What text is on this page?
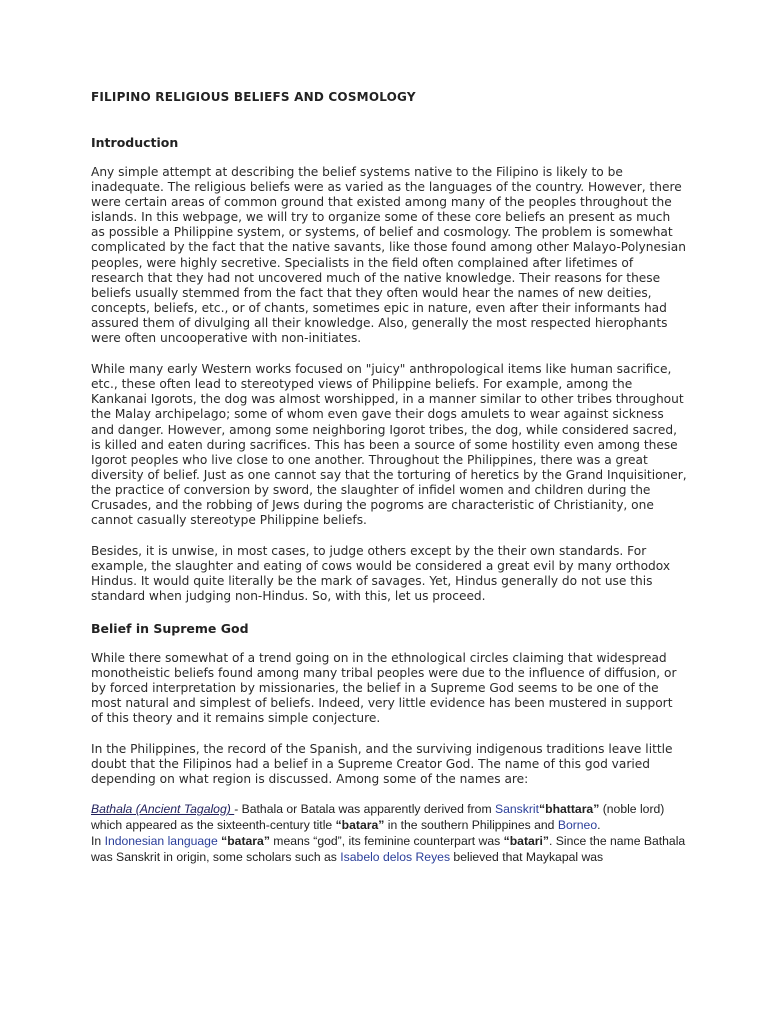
FILIPINO RELIGIOUS BELIEFS AND COSMOLOGY
Introduction

Any simple attempt at describing the belief systems native to the Filipino is likely to be inadequate. The religious beliefs were as varied as the languages of the country. However, there were certain areas of common ground that existed among many of the peoples throughout the islands. In this webpage, we will try to organize some of these core beliefs an present as much as possible a Philippine system, or systems, of belief and cosmology. The problem is somewhat complicated by the fact that the native savants, like those found among other Malayo-Polynesian peoples, were highly secretive. Specialists in the field often complained after lifetimes of research that they had not uncovered much of the native knowledge. Their reasons for these beliefs usually stemmed from the fact that they often would hear the names of new deities, concepts, beliefs, etc., or of chants, sometimes epic in nature, even after their informants had assured them of divulging all their knowledge. Also, generally the most respected hierophants were often uncooperative with non-initiates.

While many early Western works focused on "juicy" anthropological items like human sacrifice, etc., these often lead to stereotyped views of Philippine beliefs. For example, among the Kankanai Igorots, the dog was almost worshipped, in a manner similar to other tribes throughout the Malay archipelago; some of whom even gave their dogs amulets to wear against sickness and danger. However, among some neighboring Igorot tribes, the dog, while considered sacred, is killed and eaten during sacrifices. This has been a source of some hostility even among these Igorot peoples who live close to one another. Throughout the Philippines, there was a great diversity of belief. Just as one cannot say that the torturing of heretics by the Grand Inquisitioner, the practice of conversion by sword, the slaughter of infidel women and children during the Crusades, and the robbing of Jews during the pogroms are characteristic of Christianity, one cannot casually stereotype Philippine beliefs.

Besides, it is unwise, in most cases, to judge others except by the their own standards. For example, the slaughter and eating of cows would be considered a great evil by many orthodox Hindus. It would quite literally be the mark of savages. Yet, Hindus generally do not use this standard when judging non-Hindus. So, with this, let us proceed.

Belief in Supreme God

While there somewhat of a trend going on in the ethnological circles claiming that widespread monotheistic beliefs found among many tribal peoples were due to the influence of diffusion, or by forced interpretation by missionaries, the belief in a Supreme God seems to be one of the most natural and simplest of beliefs. Indeed, very little evidence has been mustered in support of this theory and it remains simple conjecture.

In the Philippines, the record of the Spanish, and the surviving indigenous traditions leave little doubt that the Filipinos had a belief in a Supreme Creator God. The name of this god varied depending on what region is discussed. Among some of the names are:

Bathala (Ancient Tagalog) - Bathala or Batala was apparently derived from Sanskrit“bhattara” (noble lord) which appeared as the sixteenth-century title “batara” in the southern Philippines and Borneo.
In Indonesian language “batara” means “god”, its feminine counterpart was “batari”. Since the name Bathala was Sanskrit in origin, some scholars such as Isabelo delos Reyes believed that Maykapal was
